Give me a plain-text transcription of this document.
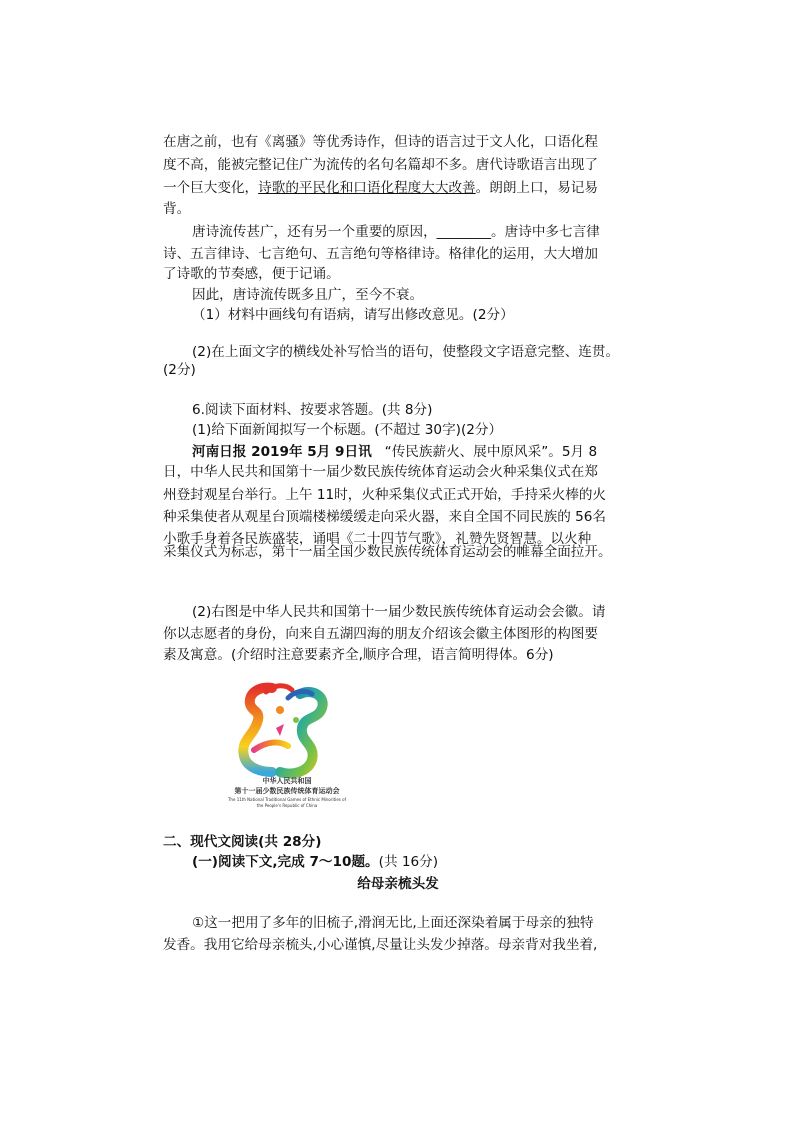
在唐之前，也有《离骚》等优秀诗作，但诗的语言过于文人化，口语化程
度不高，能被完整记住广为流传的名句名篇却不多。唐代诗歌语言出现了
一个巨大变化，诗歌的平民化和口语化程度大大改善。朗朗上口，易记易
背。
唐诗流传甚广，还有另一个重要的原因，________。唐诗中多七言律
诗、五言律诗、七言绝句、五言绝句等格律诗。格律化的运用，大大增加
了诗歌的节奏感，便于记诵。
因此，唐诗流传既多且广，至今不衰。
（1）材料中画线句有语病，请写出修改意见。(2分）
(2)在上面文字的横线处补写恰当的语句，使整段文字语意完整、连贯。
(2分)
6.阅读下面材料、按要求答题。(共 8分)
(1)给下面新闻拟写一个标题。(不超过 30字)(2分）
河南日报 2019年 5月 9日讯 “传民族薪火、展中原风采”。5月 8
日，中华人民共和国第十一届少数民族传统体育运动会火种采集仪式在郑
州登封观星台举行。上午 11时，火种采集仪式正式开始，手持采火棒的火
种采集使者从观星台顶端楼梯缓缓走向采火器，来自全国不同民族的 56名
小歌手身着各民族盛装，诵唱《二十四节气歌》，礼赞先贤智慧。以火种
采集仪式为标志，第十一届全国少数民族传统体育运动会的帷幕全面拉开。
(2)右图是中华人民共和国第十一届少数民族传统体育运动会会徽。请
你以志愿者的身份，向来自五湖四海的朋友介绍该会徽主体图形的构图要
素及寓意。(介绍时注意要素齐全,顺序合理，语言简明得体。6分)
中华人民共和国
第十一届少数民族传统体育运动会
The 11th National Traditional Games of Ethnic Minorities of
the People's Republic of China
二、现代文阅读(共 28分)
(一)阅读下文,完成 7～10题。(共 16分)
给母亲梳头发
①这一把用了多年的旧梳子,滑润无比,上面还深染着属于母亲的独特
发香。我用它给母亲梳头,小心谨慎,尽量让头发少掉落。母亲背对我坐着,
